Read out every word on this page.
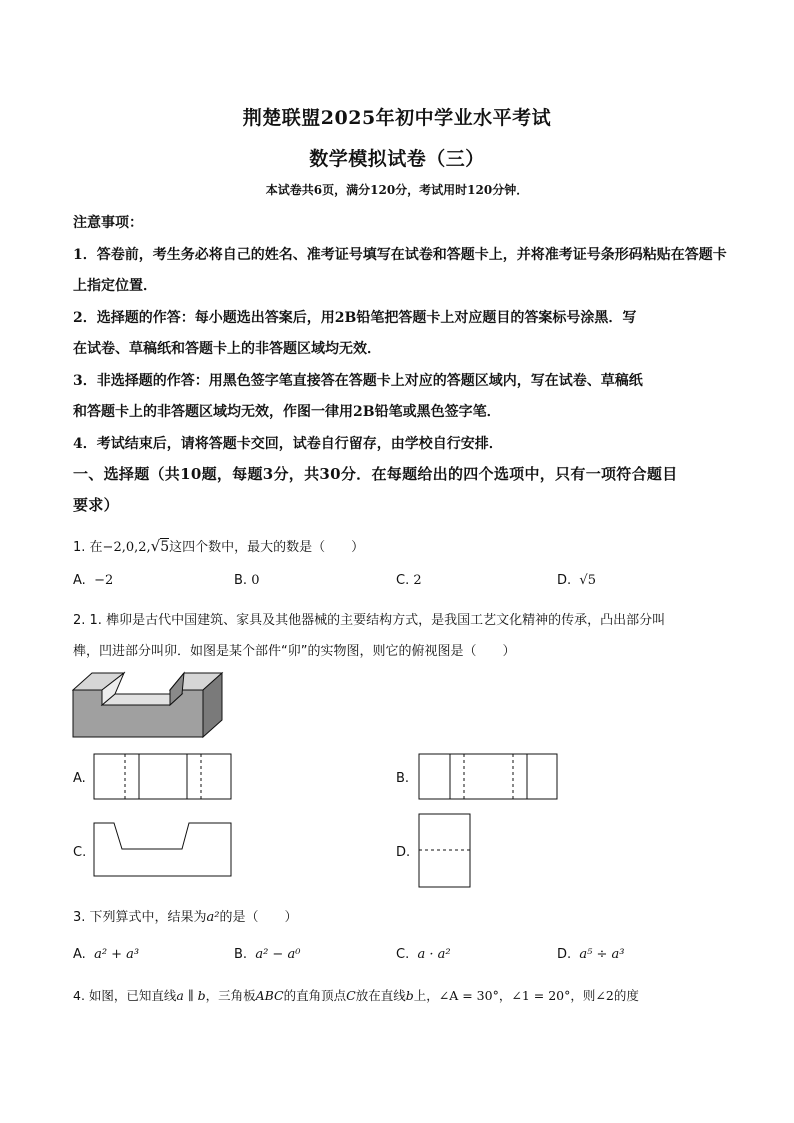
荆楚联盟2025年初中学业水平考试
数学模拟试卷（三）
本试卷共6页，满分120分，考试用时120分钟．
注意事项：
1．答卷前，考生务必将自己的姓名、准考证号填写在试卷和答题卡上，并将准考证号条形码粘贴在答题卡
上指定位置．
2．选择题的作答：每小题选出答案后，用2B铅笔把答题卡上对应题目的答案标号涂黑．写
在试卷、草稿纸和答题卡上的非答题区域均无效．
3．非选择题的作答：用黑色签字笔直接答在答题卡上对应的答题区域内，写在试卷、草稿纸
和答题卡上的非答题区域均无效，作图一律用2B铅笔或黑色签字笔．
4．考试结束后，请将答题卡交回，试卷自行留存，由学校自行安排．
一、选择题（共10题，每题3分，共30分．在每题给出的四个选项中，只有一项符合题目
要求）
1. 在−2,0,2,√5这四个数中，最大的数是（　　）
A. −2	B. 0	C. 2	D. √5
2. 1. 榫卯是古代中国建筑、家具及其他器械的主要结构方式，是我国工艺文化精神的传承，凸出部分叫
榫，凹进部分叫卯．如图是某个部件“卯”的实物图，则它的俯视图是（　　）
A.	B.
C.	D.
3. 下列算式中，结果为a²的是（　　）
A. a² + a³	B. a² − a⁰	C. a · a²	D. a⁵ ÷ a³
4. 如图，已知直线a ∥ b，三角板ABC的直角顶点C放在直线b上，∠A = 30°，∠1 = 20°，则∠2的度
